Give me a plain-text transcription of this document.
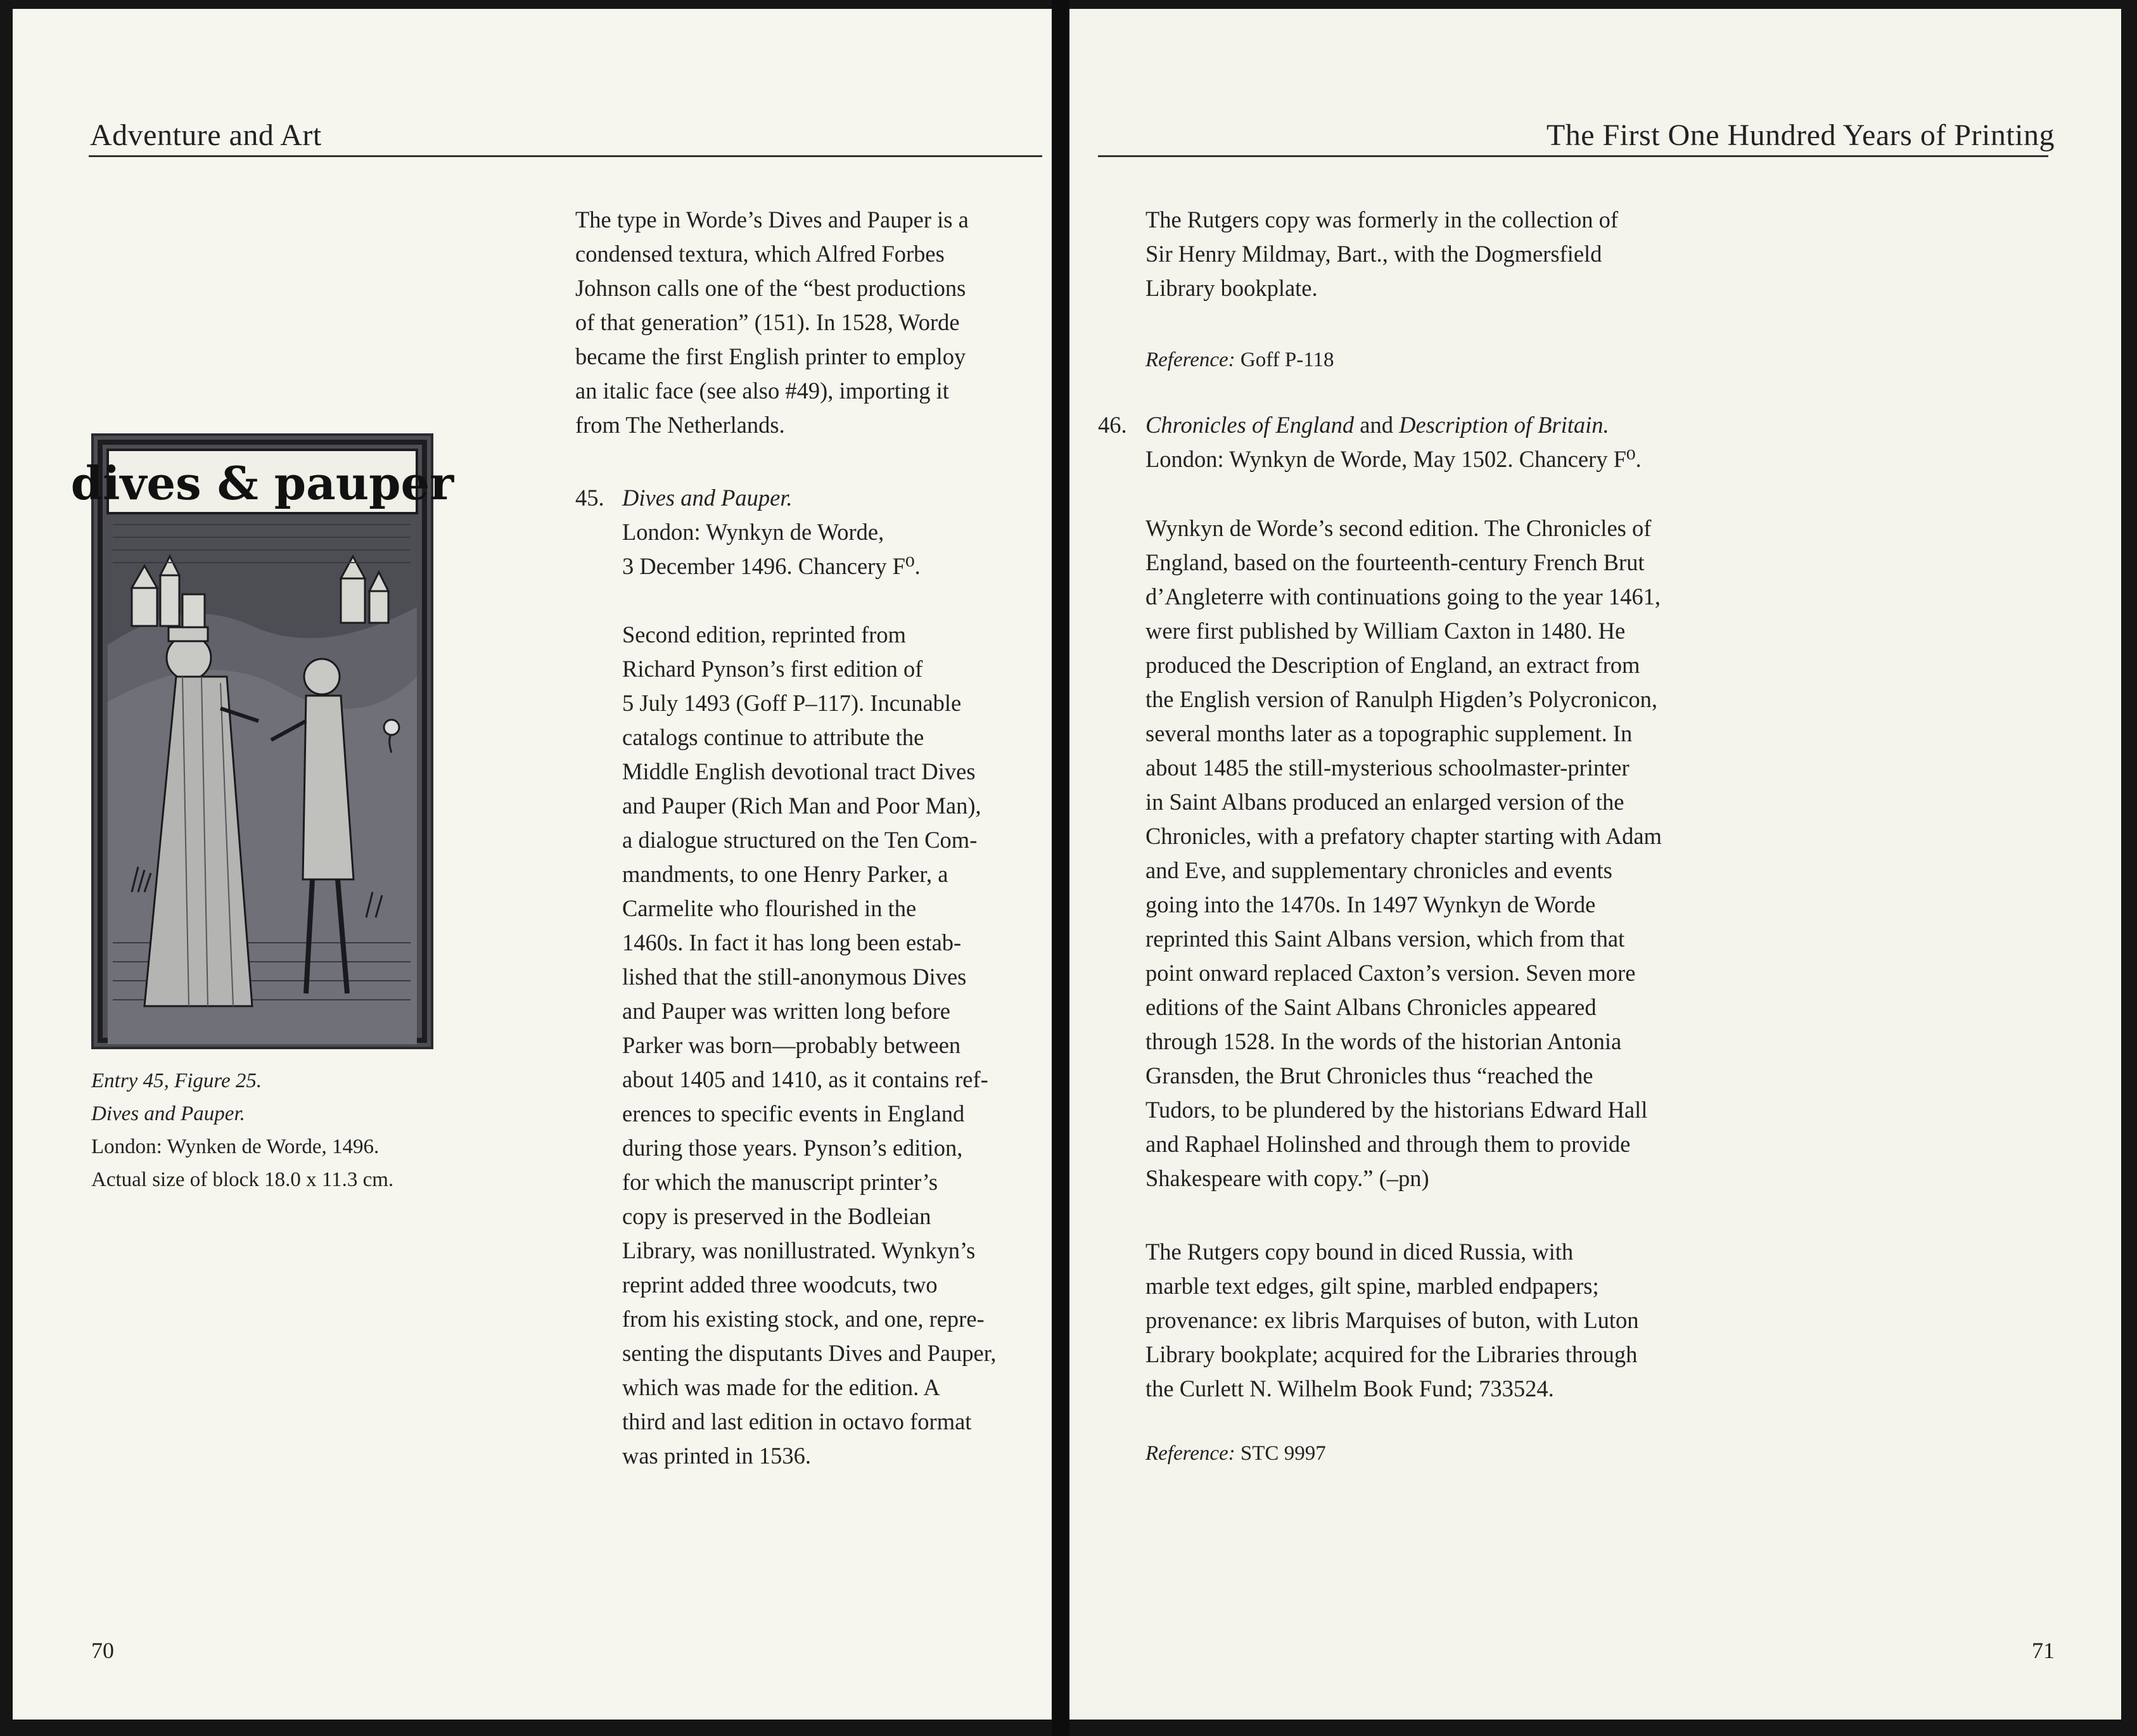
Adventure and Art
The type in Worde’s Dives and Pauper is a
condensed textura, which Alfred Forbes
Johnson calls one of the “best productions
of that generation” (151). In 1528, Worde
became the first English printer to employ
an italic face (see also #49), importing it
from The Netherlands.
45. Dives and Pauper.
London: Wynkyn de Worde,
3 December 1496. Chancery F⁰.
Second edition, reprinted from
Richard Pynson’s first edition of
5 July 1493 (Goff P–117). Incunable
catalogs continue to attribute the
Middle English devotional tract Dives
and Pauper (Rich Man and Poor Man),
a dialogue structured on the Ten Com-
mandments, to one Henry Parker, a
Carmelite who flourished in the
1460s. In fact it has long been estab-
lished that the still-anonymous Dives
and Pauper was written long before
Parker was born—probably between
about 1405 and 1410, as it contains ref-
erences to specific events in England
during those years. Pynson’s edition,
for which the manuscript printer’s
copy is preserved in the Bodleian
Library, was nonillustrated. Wynkyn’s
reprint added three woodcuts, two
from his existing stock, and one, repre-
senting the disputants Dives and Pauper,
which was made for the edition. A
third and last edition in octavo format
was printed in 1536.
dives & pauper
Entry 45, Figure 25.
Dives and Pauper.
London: Wynken de Worde, 1496.
Actual size of block 18.0 x 11.3 cm.
70
The First One Hundred Years of Printing
The Rutgers copy was formerly in the collection of
Sir Henry Mildmay, Bart., with the Dogmersfield
Library bookplate.
Reference: Goff P-118
46. Chronicles of England and Description of Britain.
London: Wynkyn de Worde, May 1502. Chancery F⁰.
Wynkyn de Worde’s second edition. The Chronicles of
England, based on the fourteenth-century French Brut
d’Angleterre with continuations going to the year 1461,
were first published by William Caxton in 1480. He
produced the Description of England, an extract from
the English version of Ranulph Higden’s Polycronicon,
several months later as a topographic supplement. In
about 1485 the still-mysterious schoolmaster-printer
in Saint Albans produced an enlarged version of the
Chronicles, with a prefatory chapter starting with Adam
and Eve, and supplementary chronicles and events
going into the 1470s. In 1497 Wynkyn de Worde
reprinted this Saint Albans version, which from that
point onward replaced Caxton’s version. Seven more
editions of the Saint Albans Chronicles appeared
through 1528. In the words of the historian Antonia
Gransden, the Brut Chronicles thus “reached the
Tudors, to be plundered by the historians Edward Hall
and Raphael Holinshed and through them to provide
Shakespeare with copy.” (–pn)
The Rutgers copy bound in diced Russia, with
marble text edges, gilt spine, marbled endpapers;
provenance: ex libris Marquises of buton, with Luton
Library bookplate; acquired for the Libraries through
the Curlett N. Wilhelm Book Fund; 733524.
Reference: STC 9997
71
